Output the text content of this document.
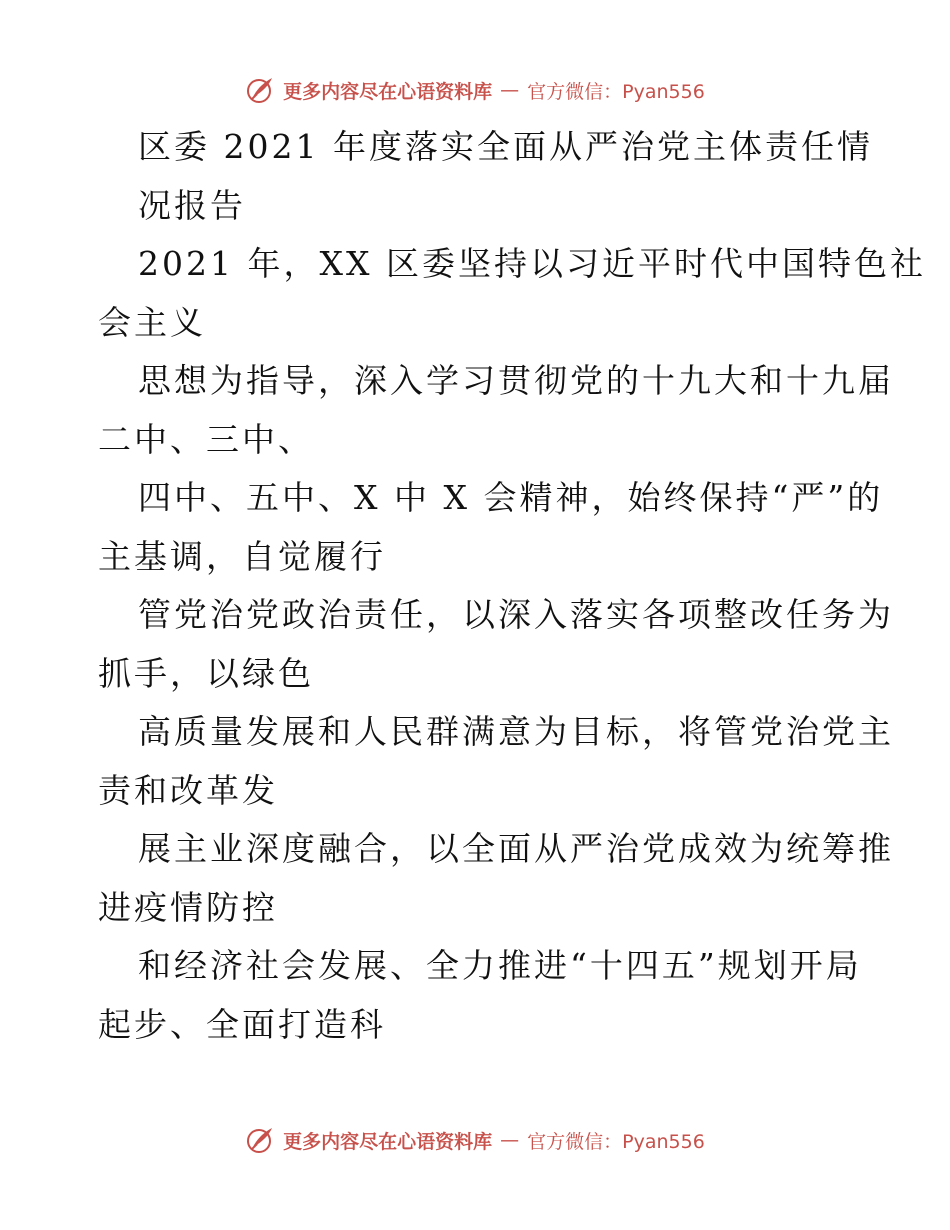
更多内容尽在心语资料库 — 官方微信：Pyan556
区委 2021 年度落实全面从严治党主体责任情
况报告
2021 年，XX 区委坚持以习近平时代中国特色社
会主义
思想为指导，深入学习贯彻党的十九大和十九届
二中、三中、
四中、五中、X 中 X 会精神，始终保持“严”的
主基调，自觉履行
管党治党政治责任，以深入落实各项整改任务为
抓手，以绿色
高质量发展和人民群满意为目标，将管党治党主
责和改革发
展主业深度融合，以全面从严治党成效为统筹推
进疫情防控
和经济社会发展、全力推进“十四五”规划开局
起步、全面打造科
更多内容尽在心语资料库 — 官方微信：Pyan556
